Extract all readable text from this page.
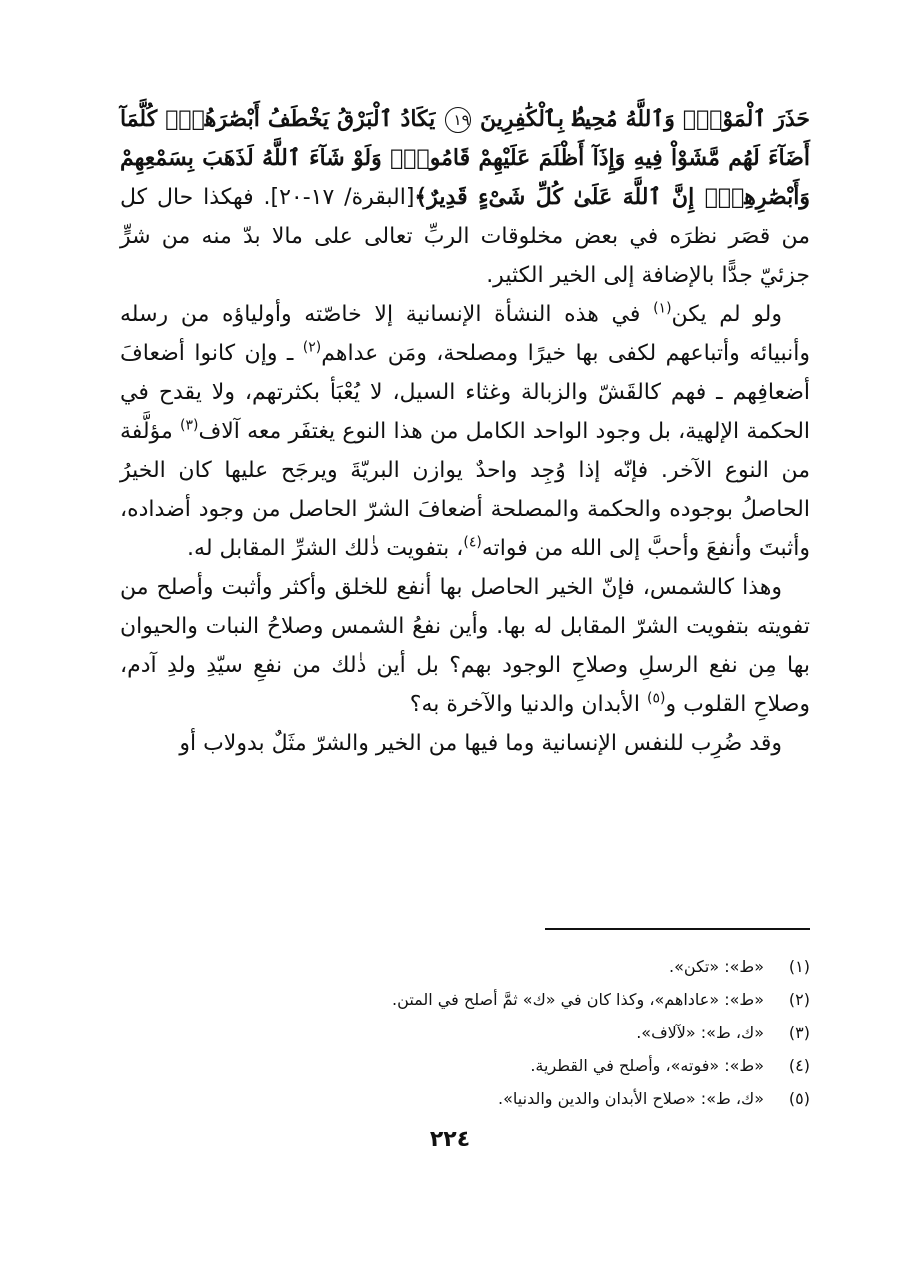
حَذَرَ ٱلْمَوْتِۚ وَٱللَّهُ مُحِيطُۢ بِٱلْكَٰفِرِينَ ١٩ يَكَادُ ٱلْبَرْقُ يَخْطَفُ أَبْصَٰرَهُمْۖ كُلَّمَآ أَضَآءَ لَهُم مَّشَوْاْ فِيهِ وَإِذَآ أَظْلَمَ عَلَيْهِمْ قَامُواْۚ وَلَوْ شَآءَ ٱللَّهُ لَذَهَبَ بِسَمْعِهِمْ وَأَبْصَٰرِهِمْۚ إِنَّ ٱللَّهَ عَلَىٰ كُلِّ شَىْءٍ قَدِيرٌ﴾[البقرة/ ١٧-٢٠]. فهكذا حال كل من قصَر نظرَه في بعض مخلوقات الربِّ تعالى على مالا بدّ منه من شرٍّ جزئيّ جدًّا بالإضافة إلى الخير الكثير.

ولو لم يكن$^{(١)}$ في هذه النشأة الإنسانية إلا خاصّته وأولياؤه من رسله وأنبيائه وأتباعهم لكفى بها خيرًا ومصلحة، ومَن عداهم$^{(٢)}$ ـ وإن كانوا أضعافَ أضعافِهم ـ فهم كالقَشّ والزبالة وغثاء السيل، لا يُعْبَأ بكثرتهم، ولا يقدح في الحكمة الإلهية، بل وجود الواحد الكامل من هذا النوع يغتفَر معه آلاف$^{(٣)}$ مؤلَّفة من النوع الآخر. فإنّه إذا وُجِد واحدٌ يوازن البريّةَ ويرجَح عليها كان الخيرُ الحاصلُ بوجوده والحكمة والمصلحة أضعافَ الشرّ الحاصل من وجود أضداده، وأثبتَ وأنفعَ وأحبَّ إلى الله من فواته$^{(٤)}$، بتفويت ذٰلك الشرِّ المقابل له.

وهذا كالشمس، فإنّ الخير الحاصل بها أنفع للخلق وأكثر وأثبت وأصلح من تفويته بتفويت الشرّ المقابل له بها. وأين نفعُ الشمس وصلاحُ النبات والحيوان بها مِن نفع الرسلِ وصلاحِ الوجود بهم؟ بل أين ذٰلك من نفعِ سيّدِ ولدِ آدم، وصلاحِ القلوب و$^{(٥)}$ الأبدان والدنيا والآخرة به؟

وقد ضُرِب للنفس الإنسانية وما فيها من الخير والشرّ مثَلٌ بدولاب أو

(١)
«ط»: «تكن».
(٢)
«ط»: «عاداهم»، وكذا كان في «ك» ثمَّ أصلح في المتن.
(٣)
«ك، ط»: «لآلاف».
(٤)
«ط»: «فوته»، وأصلح في القطرية.
(٥)
«ك، ط»: «صلاح الأبدان والدين والدنيا».
٢٢٤
